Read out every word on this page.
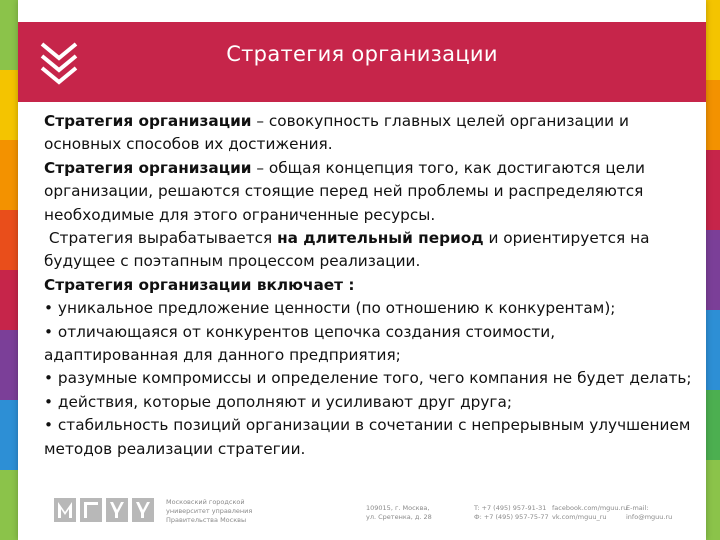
Стратегия организации

Стратегия организации – совокупность главных целей организации и основных способов их достижения.

Стратегия организации – общая концепция того, как достигаются цели организации, решаются стоящие перед ней проблемы и распределяются необходимые для этого ограниченные ресурсы.

Стратегия вырабатывается на длительный период и ориентируется на будущее с поэтапным процессом реализации.

Стратегия организации включает :

• уникальное предложение ценности (по отношению к конкурентам);

• отличающаяся от конкурентов цепочка создания стоимости, адаптированная для данного предприятия;

• разумные компромиссы и определение того, чего компания не будет делать;

• действия, которые дополняют и усиливают друг друга;

• стабильность позиций организации в сочетании с непрерывным улучшением методов реализации стратегии.

Московский городской
университет управления
Правительства Москвы
109015, г. Москва,
ул. Сретенка, д. 28
T: +7 (495) 957-91-31
Ф: +7 (495) 957-75-77
facebook.com/mguu.ru
vk.com/mguu_ru
E-mail: info@mguu.ru
